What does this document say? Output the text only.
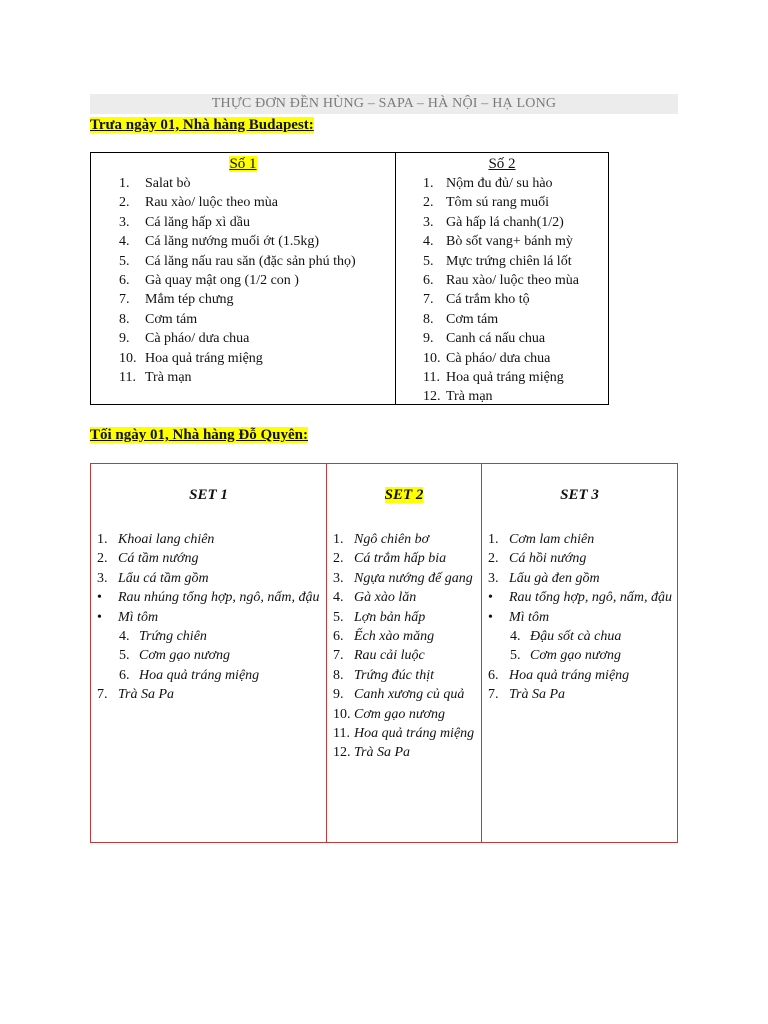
THỰC ĐƠN ĐỀN HÙNG – SAPA – HÀ NỘI – HẠ LONG
Trưa ngày 01, Nhà hàng Budapest:
Số 1
1.	Salat bò
2.	Rau xào/ luộc theo mùa
3.	Cá lăng hấp xì dầu
4.	Cá lăng nướng muối ớt (1.5kg)
5.	Cá lăng nấu rau săn (đặc sản phú thọ)
6.	Gà quay mật ong (1/2 con )
7.	Mắm tép chưng
8.	Cơm tám
9.	Cà pháo/ dưa chua
10. Hoa quả tráng miệng
11. Trà mạn
Số 2
1. Nộm đu đủ/ su hào
2. Tôm sú rang muối
3. Gà hấp lá chanh(1/2)
4. Bò sốt vang+ bánh mỳ
5. Mực trứng chiên lá lốt
6. Rau xào/ luộc theo mùa
7. Cá trắm kho tộ
8. Cơm tám
9. Canh cá nấu chua
10. Cà pháo/ dưa chua
11. Hoa quả tráng miệng
12. Trà mạn
Tối ngày 01, Nhà hàng Đỗ Quyên:
SET 1
1. Khoai lang chiên
2. Cá tầm nướng
3. Lẩu cá tầm gồm
•	Rau nhúng tổng hợp, ngô, nấm, đậu
•	Mì tôm
4. Trứng chiên
5. Cơm gạo nương
6. Hoa quả tráng miệng
7. Trà Sa Pa
SET 2
1. Ngô chiên bơ
2. Cá trắm hấp bia
3. Ngựa nướng đế gang
4. Gà xào lăn
5. Lợn bản hấp
6. Ếch xào măng
7. Rau cải luộc
8. Trứng đúc thịt
9. Canh xương củ quả
10. Cơm gạo nương
11. Hoa quả tráng miệng
12. Trà Sa Pa
SET 3
1. Cơm lam chiên
2. Cá hồi nướng
3. Lẩu gà đen gồm
•	Rau tổng hợp, ngô, nấm, đậu
•	Mì tôm
4. Đậu sốt cà chua
5. Cơm gạo nương
6. Hoa quả tráng miệng
7. Trà Sa Pa
